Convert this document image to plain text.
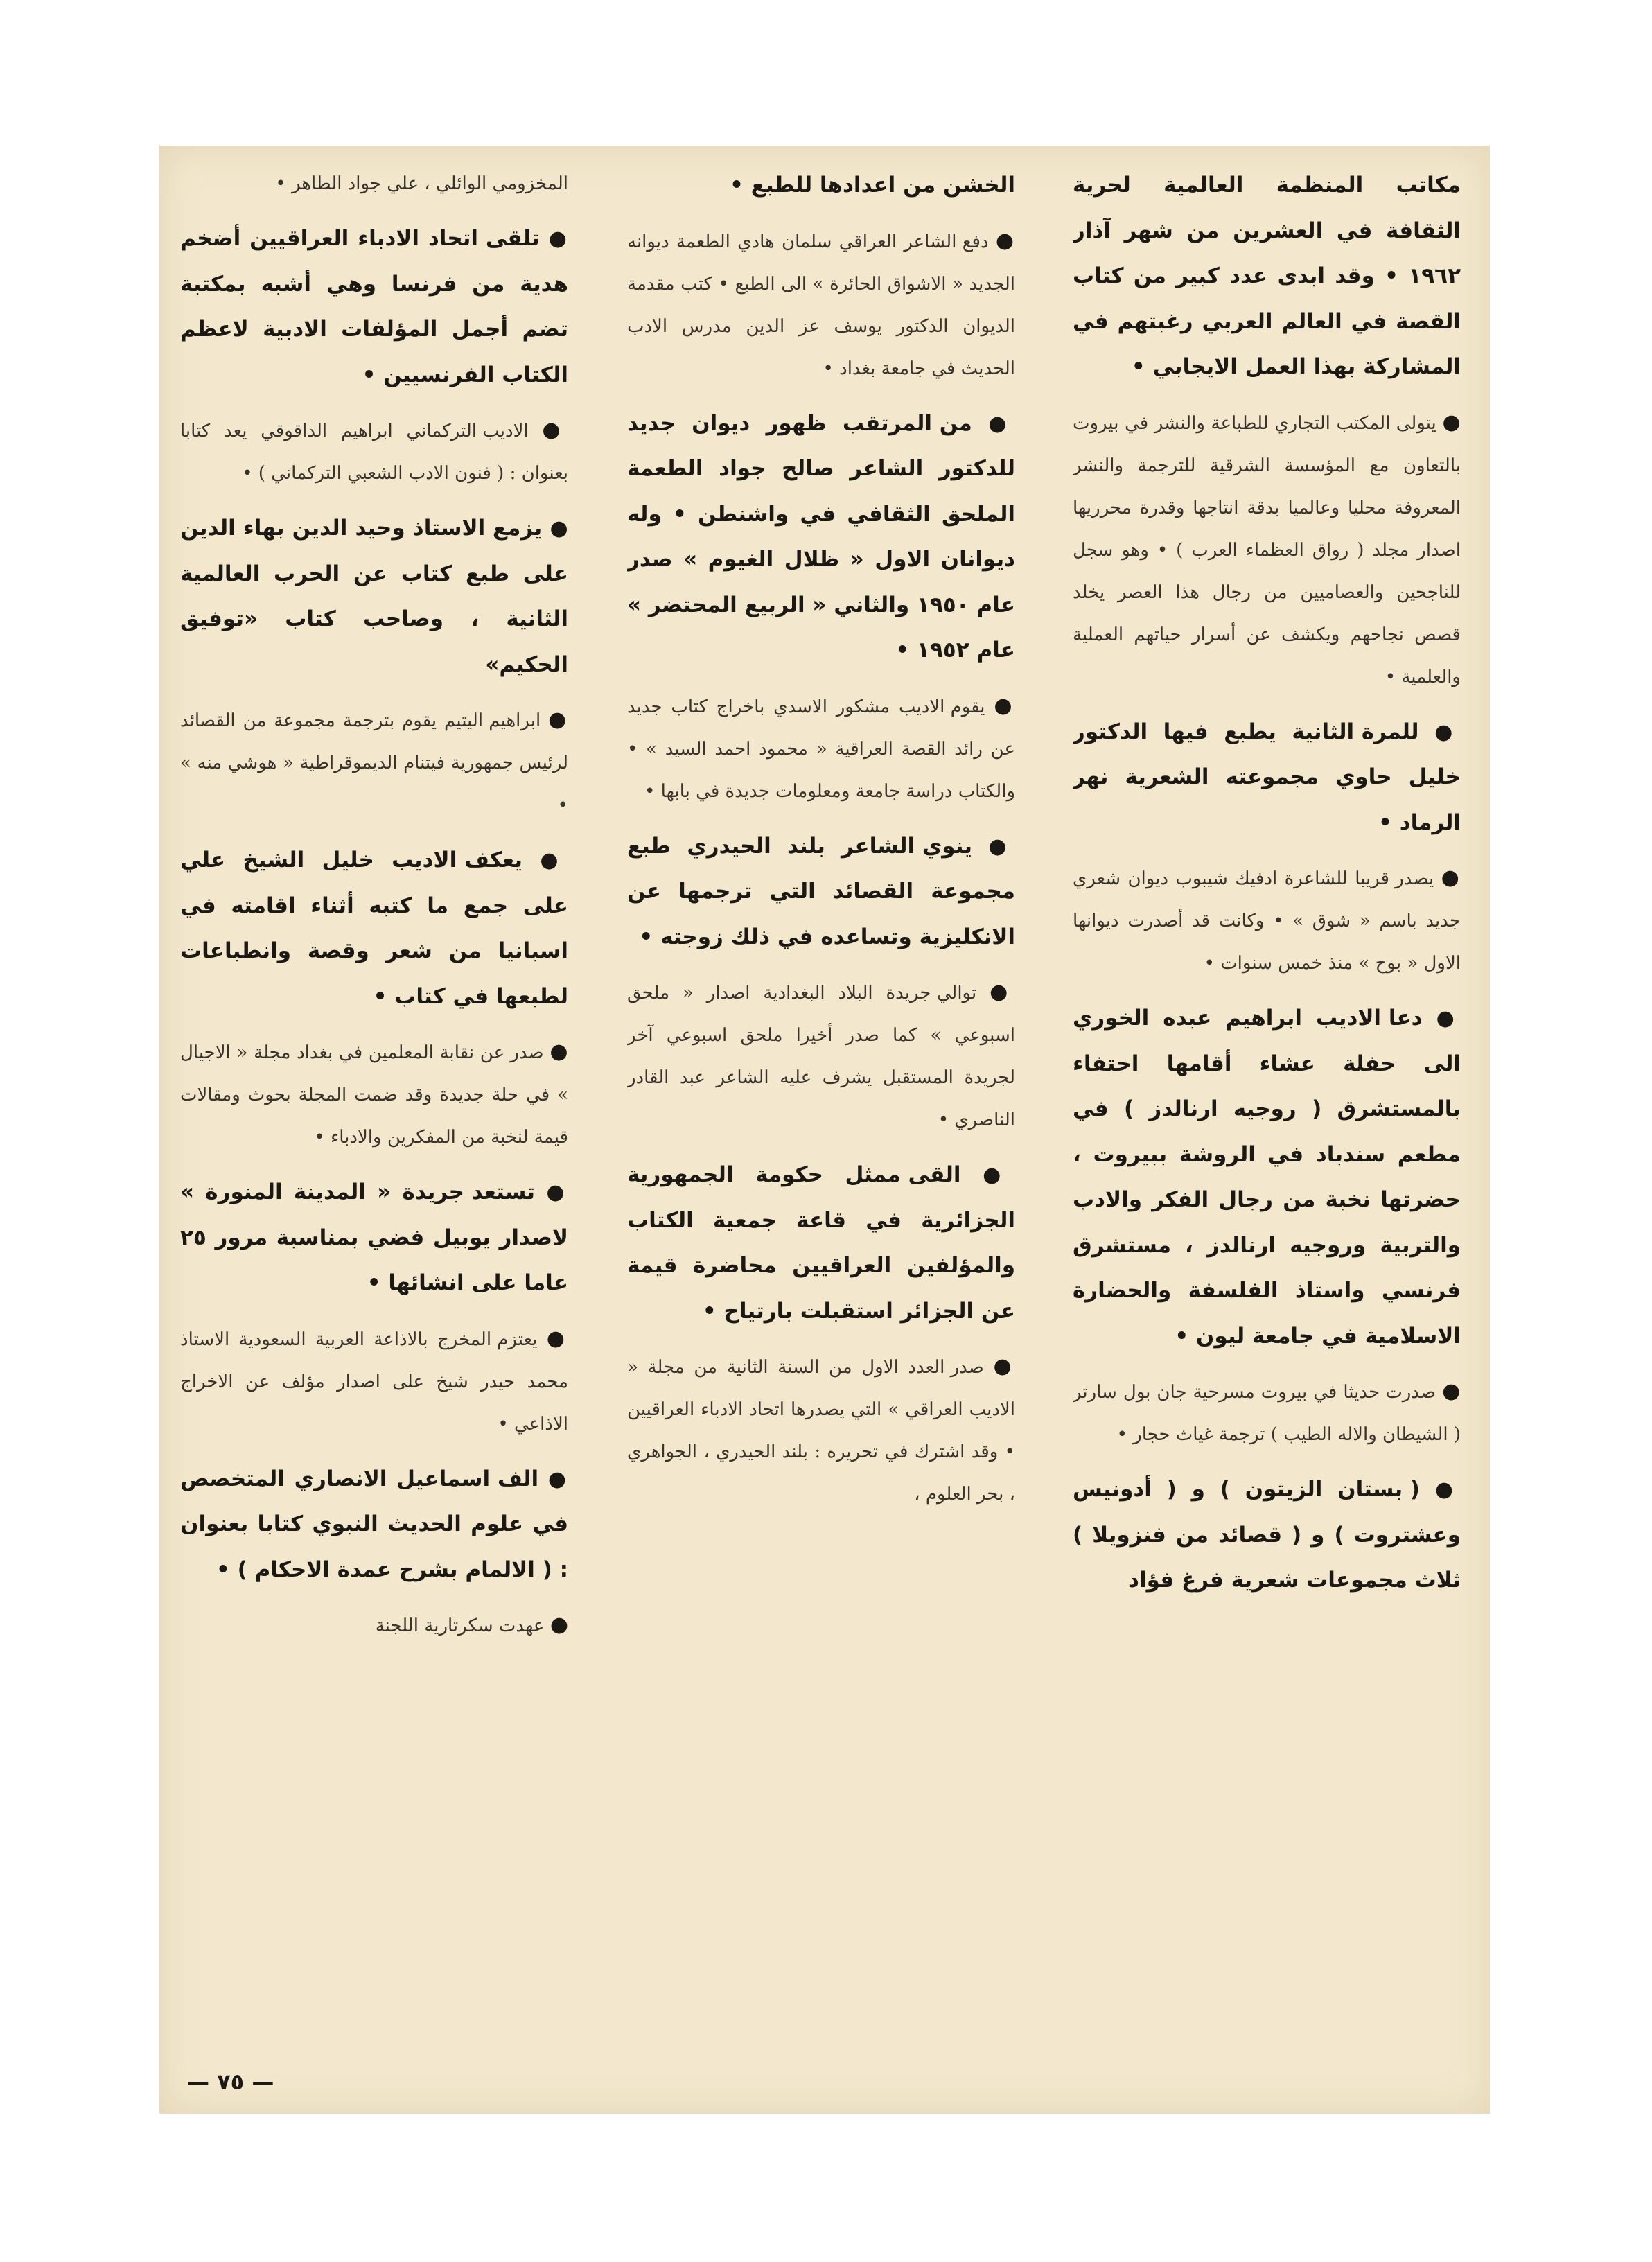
مكاتب المنظمة العالمية لحرية الثقافة في العشرين من شهر آذار ١٩٦٢ • وقد ابدى عدد كبير من كتاب القصة في العالم العربي رغبتهم في المشاركة بهذا العمل الايجابي •

● يتولى المكتب التجاري للطباعة والنشر في بيروت بالتعاون مع المؤسسة الشرقية للترجمة والنشر المعروفة محليا وعالميا بدقة انتاجها وقدرة محرريها اصدار مجلد ( رواق العظماء العرب ) • وهو سجل للناجحين والعصاميين من رجال هذا العصر يخلد قصص نجاحهم ويكشف عن أسرار حياتهم العملية والعلمية •

● للمرة الثانية يطبع فيها الدكتور خليل حاوي مجموعته الشعرية نهر الرماد •

● يصدر قريبا للشاعرة ادفيك شيبوب ديوان شعري جديد باسم « شوق » • وكانت قد أصدرت ديوانها الاول « بوح » منذ خمس سنوات •

● دعا الاديب ابراهيم عبده الخوري الى حفلة عشاء أقامها احتفاء بالمستشرق ( روجيه ارنالدز ) في مطعم سندباد في الروشة ببيروت ، حضرتها نخبة من رجال الفكر والادب والتربية وروجيه ارنالدز ، مستشرق فرنسي واستاذ الفلسفة والحضارة الاسلامية في جامعة ليون •

● صدرت حديثا في بيروت مسرحية جان بول سارتر ( الشيطان والاله الطيب ) ترجمة غياث حجار •

● ( بستان الزيتون ) و ( أدونيس وعشتروت ) و ( قصائد من فنزويلا ) ثلاث مجموعات شعرية فرغ فؤاد

الخشن من اعدادها للطبع •

● دفع الشاعر العراقي سلمان هادي الطعمة ديوانه الجديد « الاشواق الحائرة » الى الطبع • كتب مقدمة الديوان الدكتور يوسف عز الدين مدرس الادب الحديث في جامعة بغداد •

● من المرتقب ظهور ديوان جديد للدكتور الشاعر صالح جواد الطعمة الملحق الثقافي في واشنطن • وله ديوانان الاول « ظلال الغيوم » صدر عام ١٩٥٠ والثاني « الربيع المحتضر » عام ١٩٥٢ •

● يقوم الاديب مشكور الاسدي باخراج كتاب جديد عن رائد القصة العراقية « محمود احمد السيد » • والكتاب دراسة جامعة ومعلومات جديدة في بابها •

● ينوي الشاعر بلند الحيدري طبع مجموعة القصائد التي ترجمها عن الانكليزية وتساعده في ذلك زوجته •

● توالي جريدة البلاد البغدادية اصدار « ملحق اسبوعي » كما صدر أخيرا ملحق اسبوعي آخر لجريدة المستقبل يشرف عليه الشاعر عبد القادر الناصري •

● القى ممثل حكومة الجمهورية الجزائرية في قاعة جمعية الكتاب والمؤلفين العراقيين محاضرة قيمة عن الجزائر استقبلت بارتياح •

● صدر العدد الاول من السنة الثانية من مجلة « الاديب العراقي » التي يصدرها اتحاد الادباء العراقيين • وقد اشترك في تحريره : بلند الحيدري ، الجواهري ، بحر العلوم ،

المخزومي الوائلي ، علي جواد الطاهر •

● تلقى اتحاد الادباء العراقيين أضخم هدية من فرنسا وهي أشبه بمكتبة تضم أجمل المؤلفات الادبية لاعظم الكتاب الفرنسيين •

● الاديب التركماني ابراهيم الداقوقي يعد كتابا بعنوان : ( فنون الادب الشعبي التركماني ) •

● يزمع الاستاذ وحيد الدين بهاء الدين على طبع كتاب عن الحرب العالمية الثانية ، وصاحب كتاب «توفيق الحكيم»

● ابراهيم اليتيم يقوم بترجمة مجموعة من القصائد لرئيس جمهورية فيتنام الديموقراطية « هوشي منه » •

● يعكف الاديب خليل الشيخ علي على جمع ما كتبه أثناء اقامته في اسبانيا من شعر وقصة وانطباعات لطبعها في كتاب •

● صدر عن نقابة المعلمين في بغداد مجلة « الاجيال » في حلة جديدة وقد ضمت المجلة بحوث ومقالات قيمة لنخبة من المفكرين والادباء •

● تستعد جريدة « المدينة المنورة » لاصدار يوبيل فضي بمناسبة مرور ٢٥ عاما على انشائها •

● يعتزم المخرج بالاذاعة العربية السعودية الاستاذ محمد حيدر شيخ على اصدار مؤلف عن الاخراج الاذاعي •

● الف اسماعيل الانصاري المتخصص في علوم الحديث النبوي كتابا بعنوان : ( الالمام بشرح عمدة الاحكام ) •

● عهدت سكرتارية اللجنة

— ٧٥ —
